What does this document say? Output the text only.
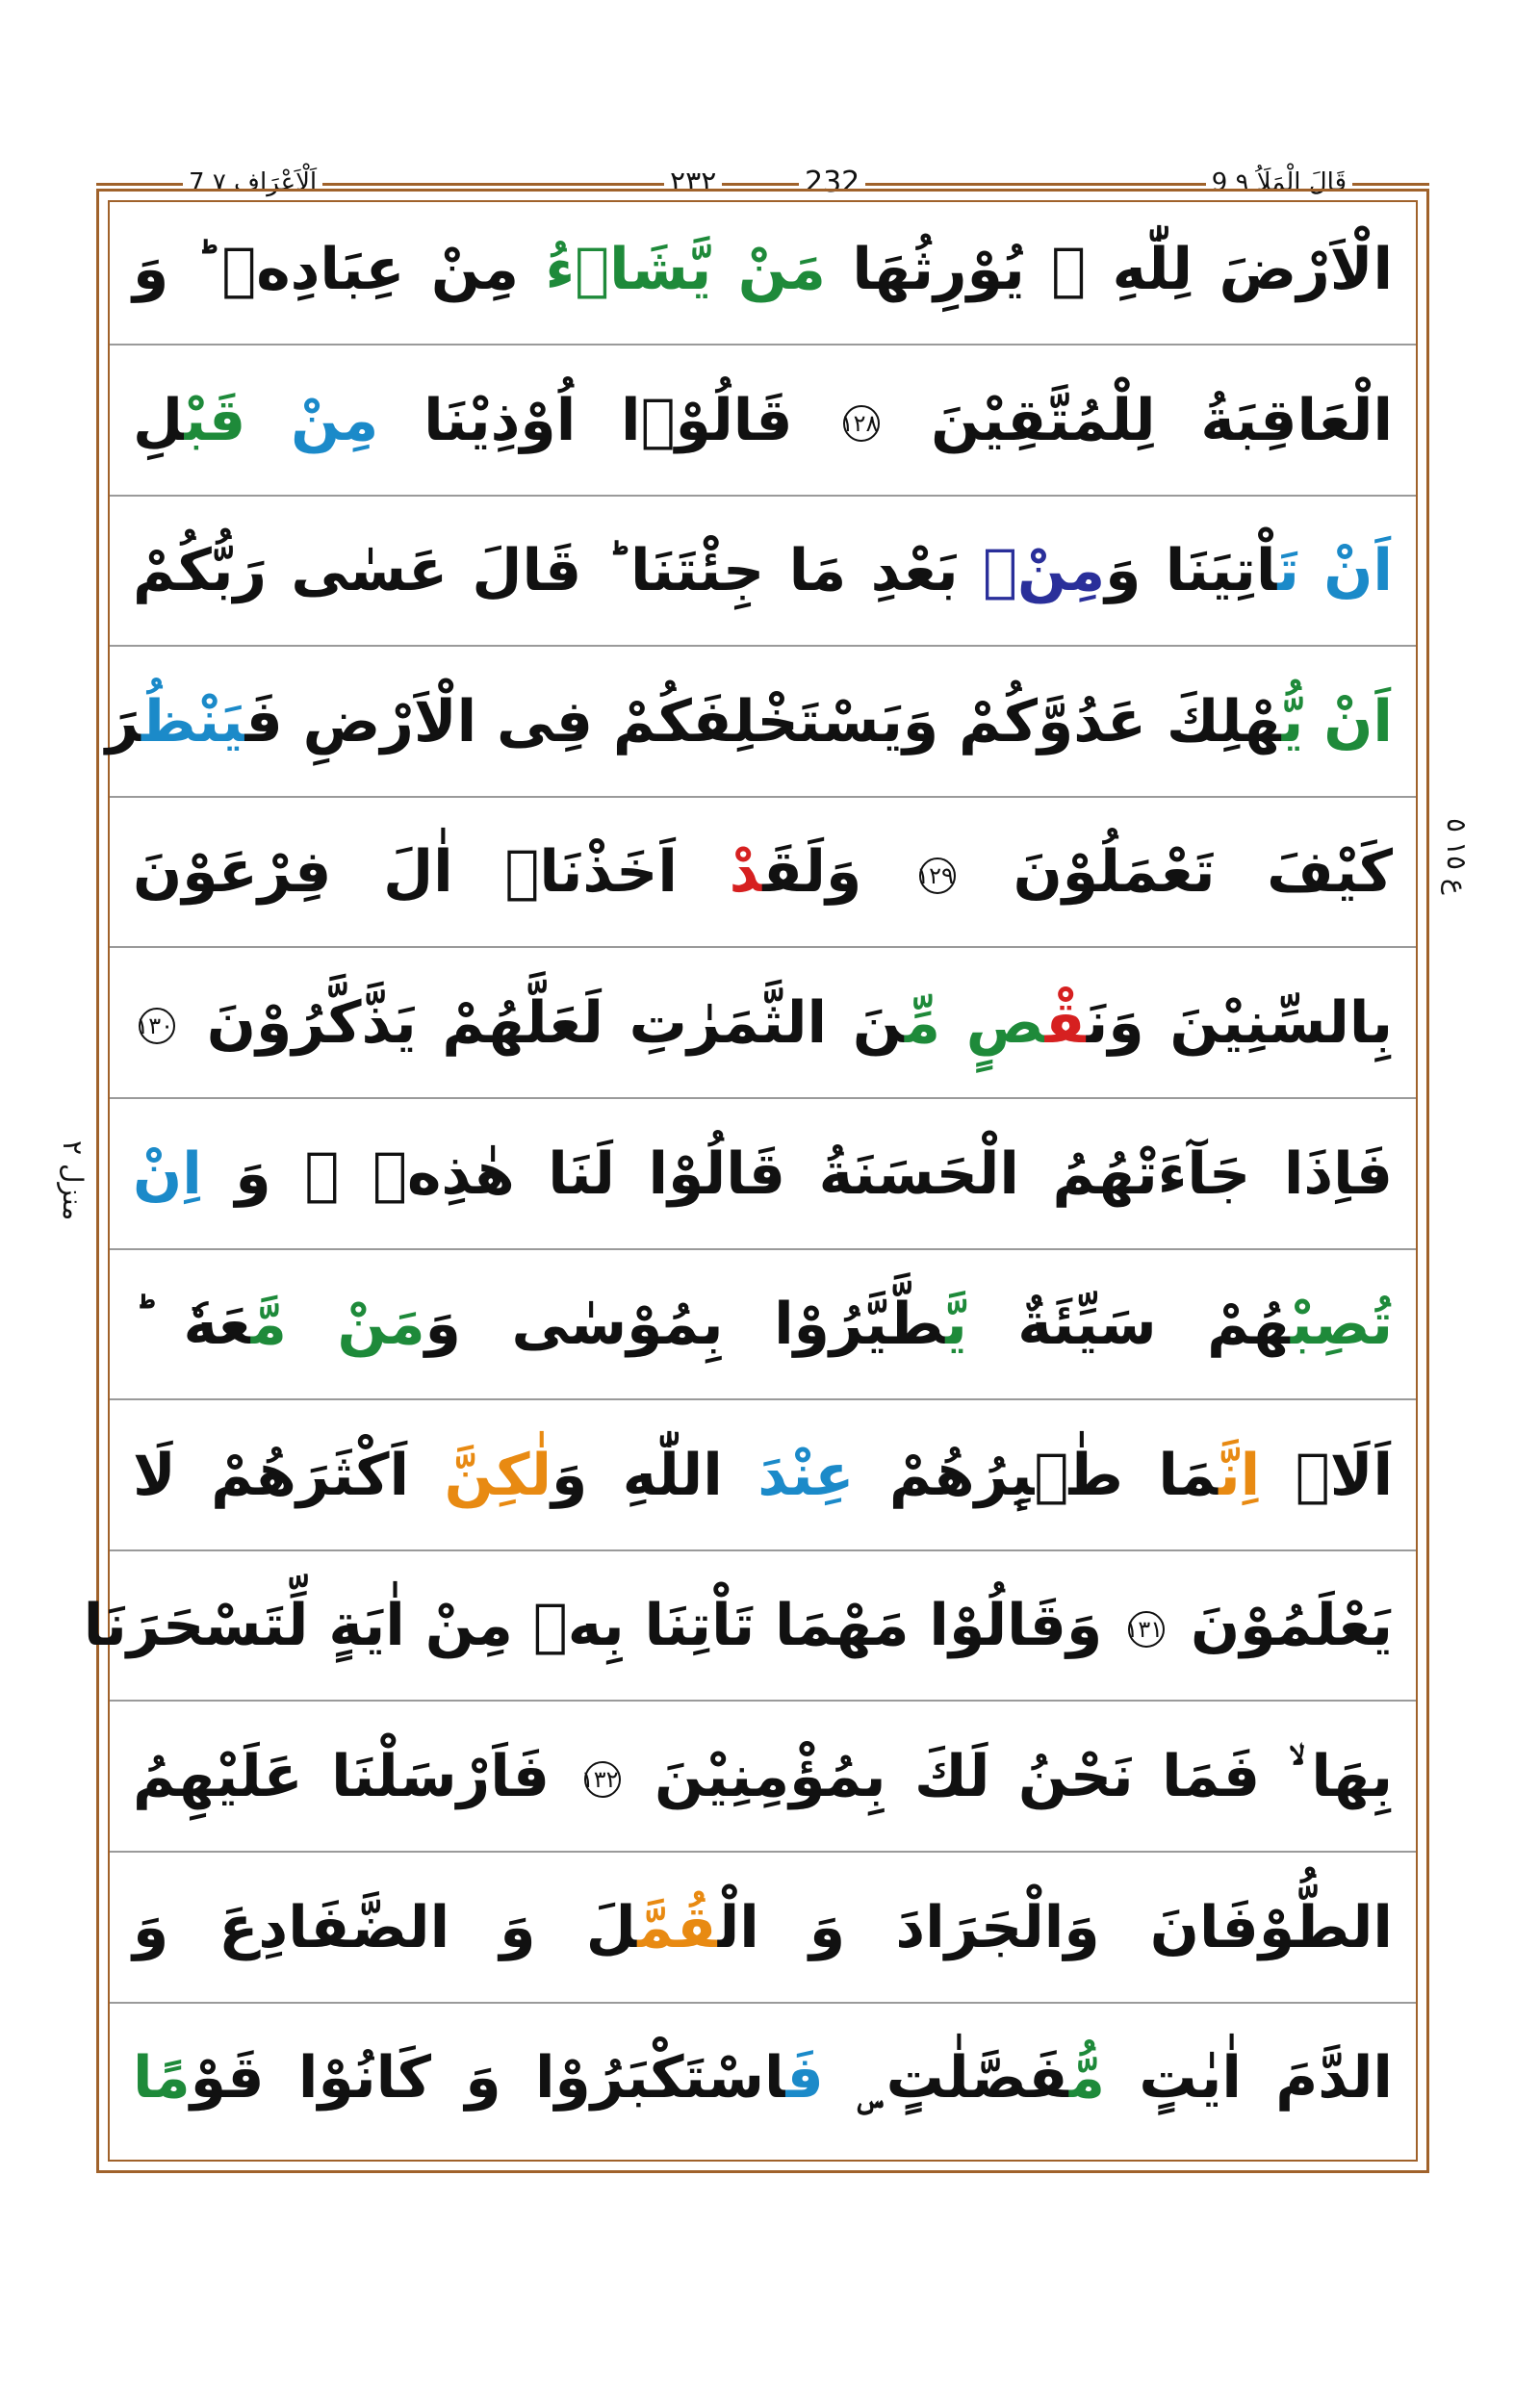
9 قَالَ الْمَلَاُ ٩
232
٢٣٢
7 اَلْاَعْرَاف ٧
ع ١٥ ٥
منزل ٢
الْاَرْضَ لِلّٰهِ ۗ يُوْرِثُهَا مَنْ يَّشَاۤءُ مِنْ عِبَادِهٖ ؕ وَ
الْعَاقِبَةُ لِلْمُتَّقِيْنَ ١٢٨ قَالُوْۤا اُوْذِيْنَا مِنْ قَبْلِ
اَنْ تَاْتِيَنَا وَمِنْۢ بَعْدِ مَا جِئْتَنَا ؕ قَالَ عَسٰى رَبُّكُمْ
اَنْ يُّهْلِكَ عَدُوَّكُمْ وَيَسْتَخْلِفَكُمْ فِى الْاَرْضِ فَيَنْظُرَ
كَيْفَ تَعْمَلُوْنَ ١٢٩ وَلَقَدْ اَخَذْنَاۤ اٰلَ فِرْعَوْنَ
بِالسِّنِيْنَ وَنَقْصٍ مِّنَ الثَّمَرٰتِ لَعَلَّهُمْ يَذَّكَّرُوْنَ ١٣٠
فَاِذَا جَآءَتْهُمُ الْحَسَنَةُ قَالُوْا لَنَا هٰذِهٖ ۚ وَ اِنْ
تُصِبْهُمْ سَيِّئَةٌ يَّطَّيَّرُوْا بِمُوْسٰى وَمَنْ مَّعَهٗ ؕ
اَلَاۤ اِنَّمَا طٰۤىِٕرُهُمْ عِنْدَ اللّٰهِ وَلٰكِنَّ اَكْثَرَهُمْ لَا
يَعْلَمُوْنَ ١٣١ وَقَالُوْا مَهْمَا تَاْتِنَا بِهٖ مِنْ اٰيَةٍ لِّتَسْحَرَنَا
بِهَا ۙ فَمَا نَحْنُ لَكَ بِمُؤْمِنِيْنَ ١٣٢ فَاَرْسَلْنَا عَلَيْهِمُ
الطُّوْفَانَ وَالْجَرَادَ وَ الْقُمَّلَ وَ الضَّفَادِعَ وَ
الدَّمَ اٰيٰتٍ مُّفَصَّلٰتٍ ۣ فَاسْتَكْبَرُوْا وَ كَانُوْا قَوْمًا
